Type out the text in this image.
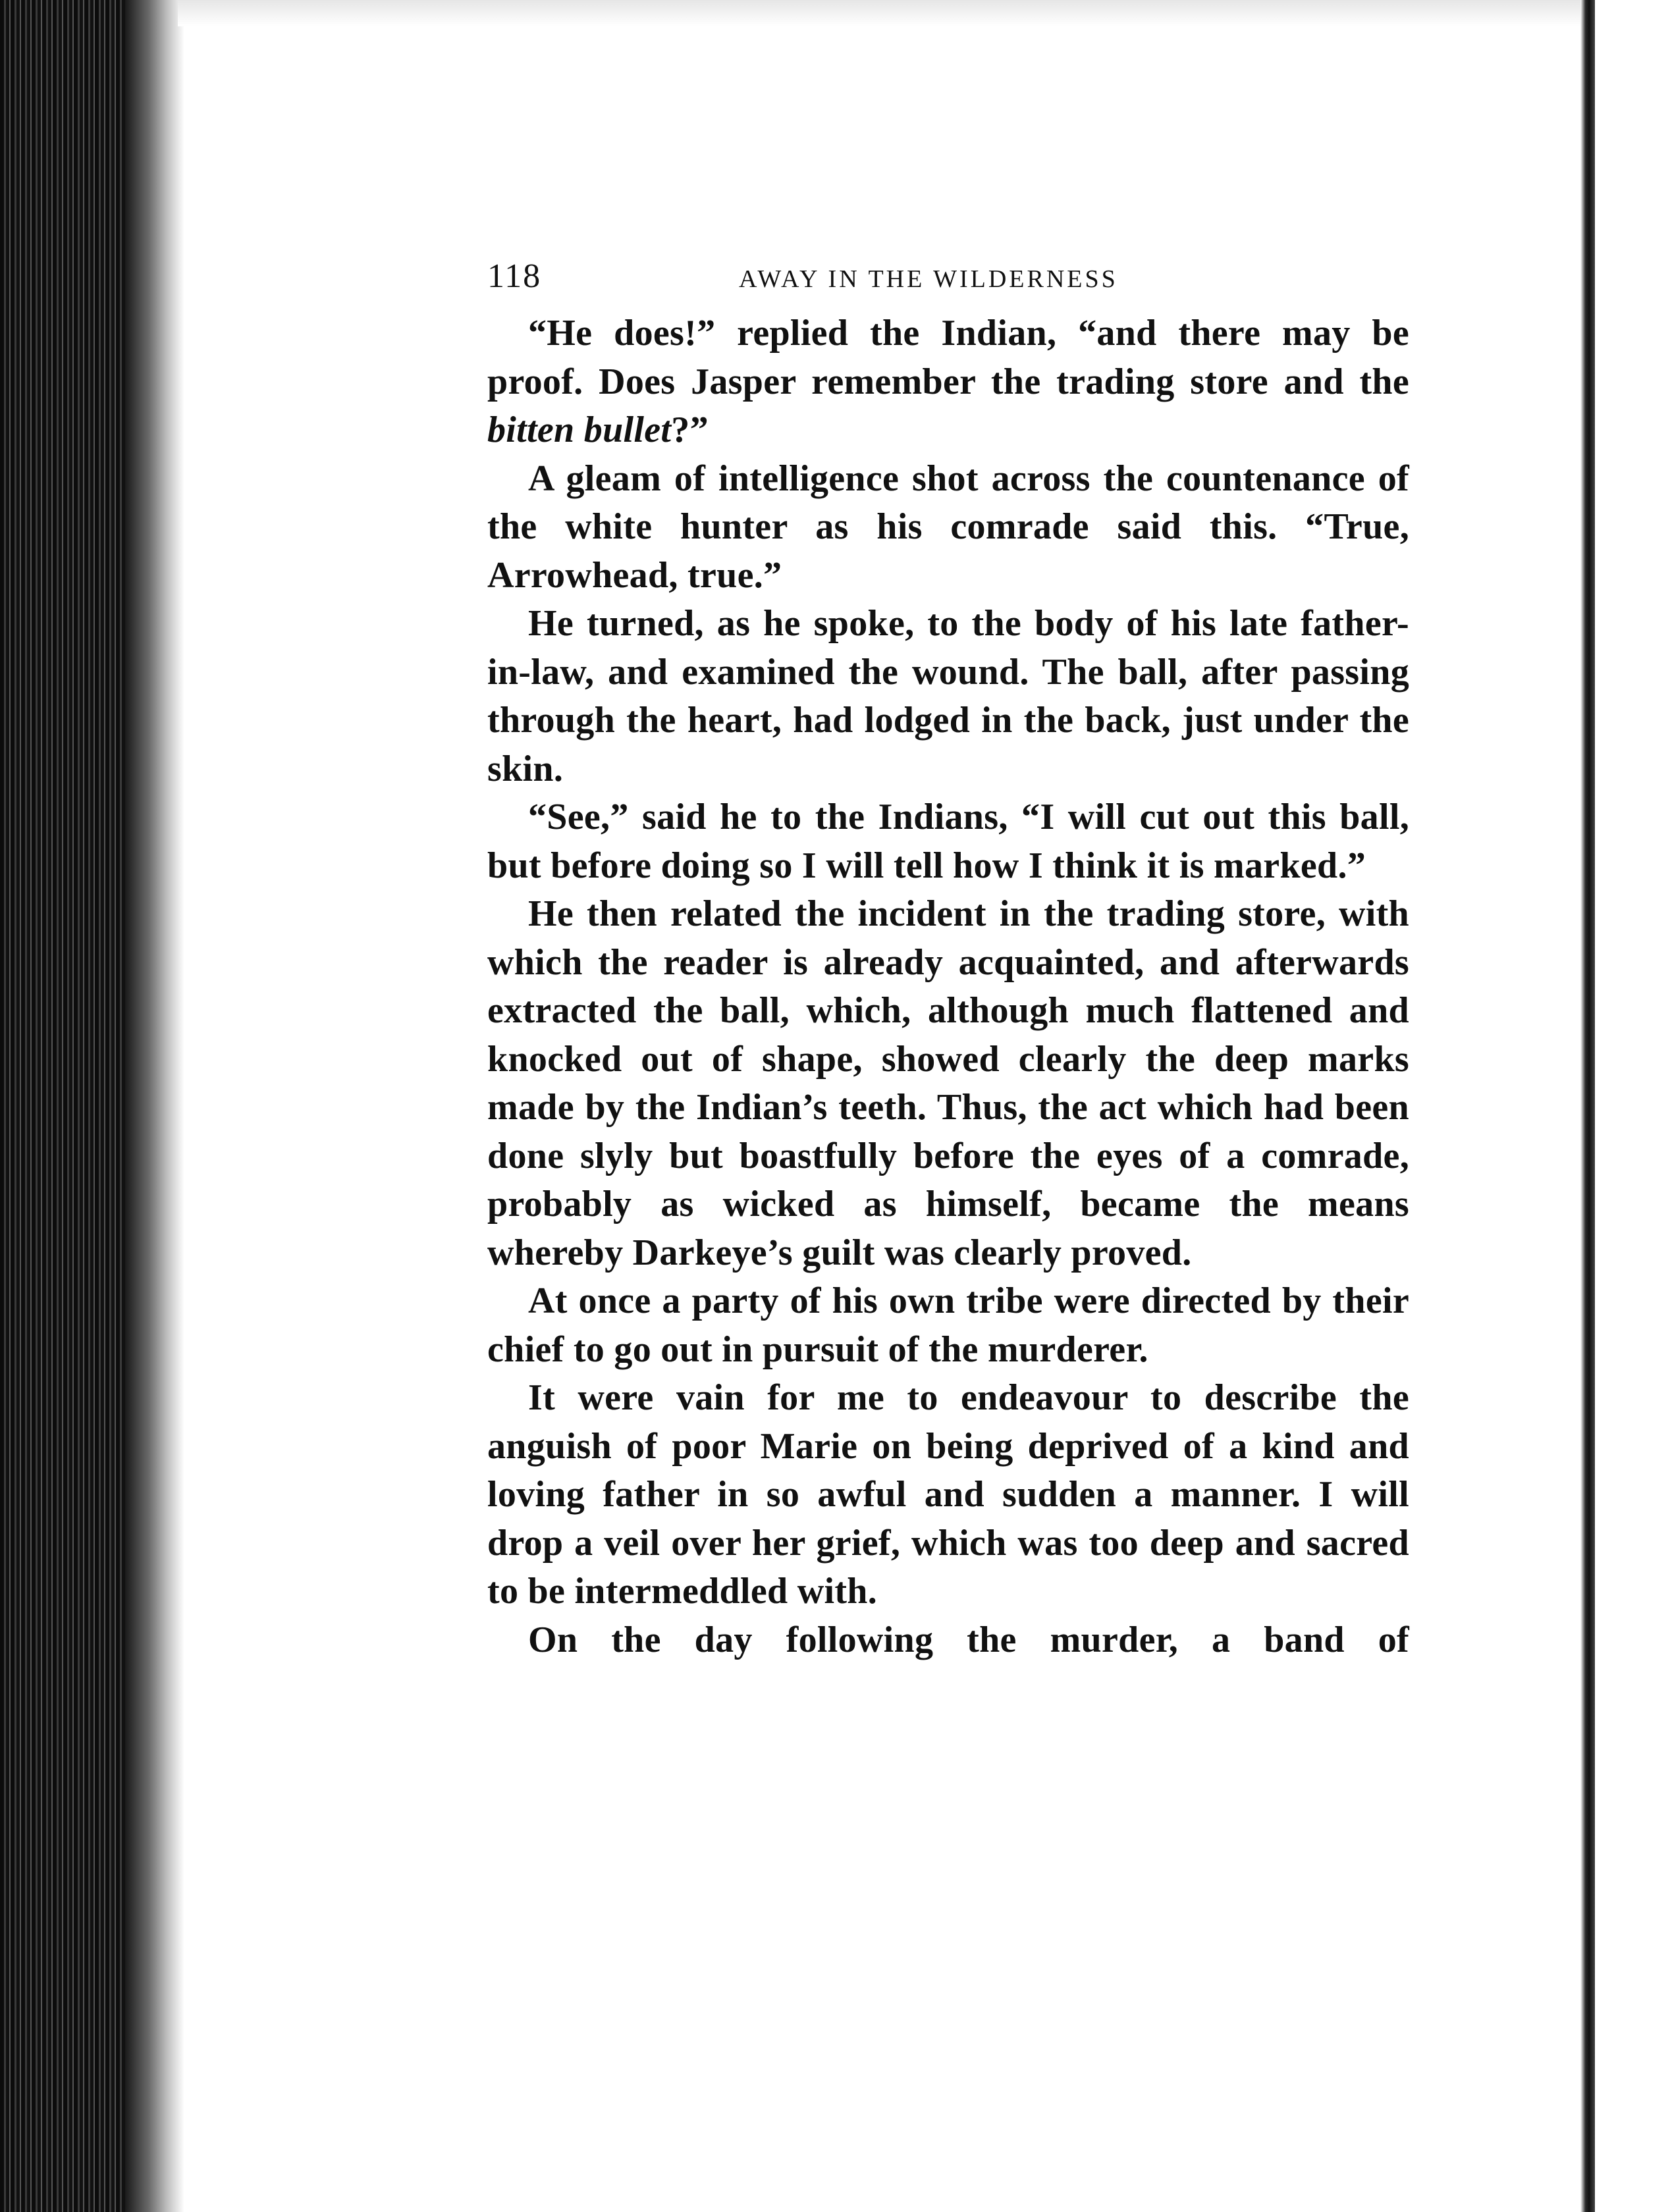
118	AWAY IN THE WILDERNESS

“He does!” replied the Indian, “and there may be proof. Does Jasper remember the trading store and the bitten bullet?”

A gleam of intelligence shot across the countenance of the white hunter as his comrade said this. “True, Arrowhead, true.”

He turned, as he spoke, to the body of his late father-in-law, and examined the wound. The ball, after passing through the heart, had lodged in the back, just under the skin.

“See,” said he to the Indians, “I will cut out this ball, but before doing so I will tell how I think it is marked.”

He then related the incident in the trading store, with which the reader is already acquainted, and afterwards extracted the ball, which, although much flattened and knocked out of shape, showed clearly the deep marks made by the Indian’s teeth. Thus, the act which had been done slyly but boastfully before the eyes of a comrade, probably as wicked as himself, became the means whereby Darkeye’s guilt was clearly proved.

At once a party of his own tribe were directed by their chief to go out in pursuit of the murderer.

It were vain for me to endeavour to describe the anguish of poor Marie on being deprived of a kind and loving father in so awful and sudden a manner. I will drop a veil over her grief, which was too deep and sacred to be intermeddled with.

On the day following the murder, a band of
